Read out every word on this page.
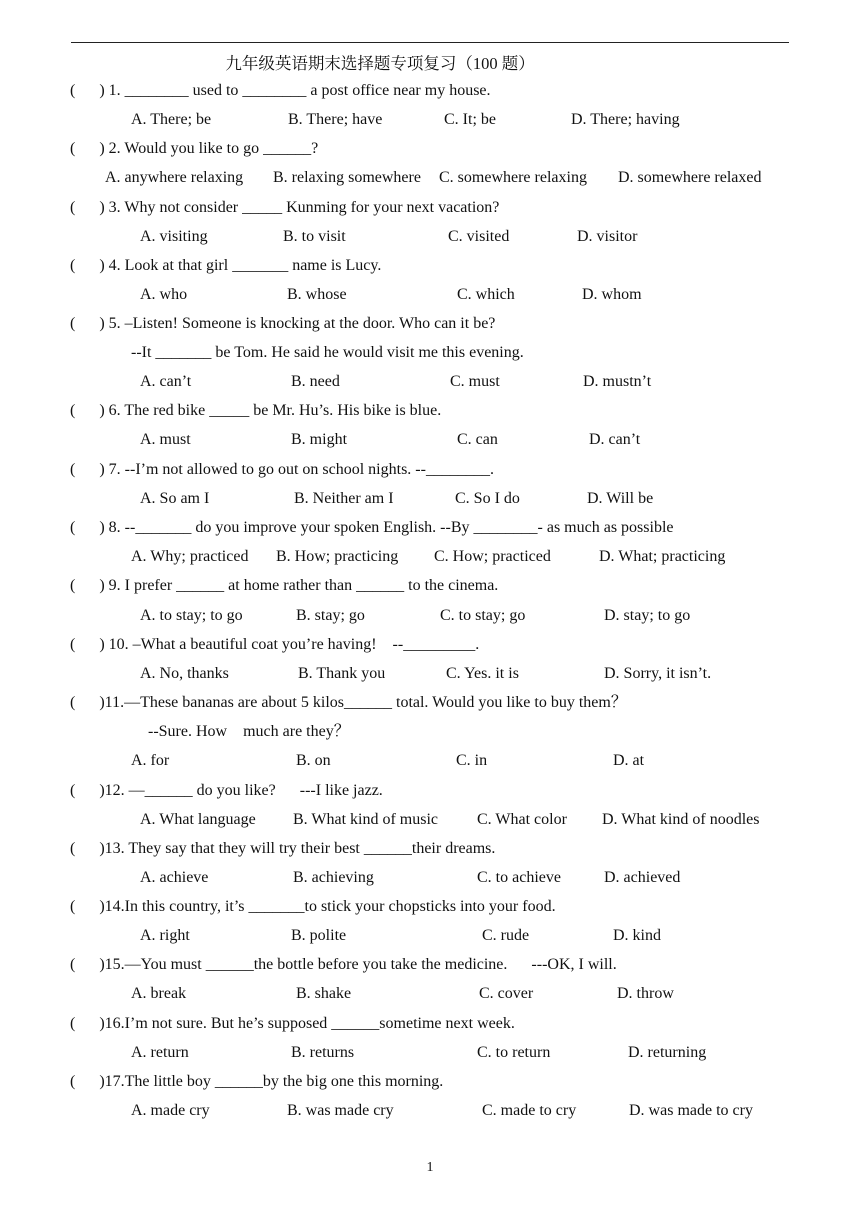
九年级英语期末选择题专项复习（100 题）
(      ) 1. ________ used to ________ a post office near my house.
A. There; be	B. There; have	C. It; be	D. There; having
(      ) 2. Would you like to go ______?
A. anywhere relaxing B. relaxing somewhere C. somewhere relaxing D. somewhere relaxed
(      ) 3. Why not consider _____ Kunming for your next vacation?
A. visiting	B. to visit	C. visited	D. visitor
(      ) 4. Look at that girl _______ name is Lucy.
A. who	B. whose	C. which	D. whom
(      ) 5. –Listen! Someone is knocking at the door. Who can it be?
--It _______ be Tom. He said he would visit me this evening.
A. can’t	B. need	C. must	D. mustn’t
(      ) 6. The red bike _____ be Mr. Hu’s. His bike is blue.
A. must	B. might	C. can	D. can’t
(      ) 7. --I’m not allowed to go out on school nights. --________.
A. So am I	B. Neither am I	C. So I do	D. Will be
(      ) 8. --_______ do you improve your spoken English. --By ________- as much as possible
A. Why; practiced B. How; practicing C. How; practiced	D. What; practicing
(      ) 9. I prefer ______ at home rather than ______ to the cinema.
A. to stay; to go	B. stay; go	C. to stay; go	D. stay; to go
(      ) 10. –What a beautiful coat you’re having!    --_________.
A. No, thanks	B. Thank you	C. Yes. it is	D. Sorry, it isn’t.
(      )11.—These bananas are about 5 kilos______ total. Would you like to buy them？
--Sure. How    much are they？
A. for	B. on	C. in	D. at
(      )12. —______ do you like?      ---I like jazz.
A. What language B. What kind of music C. What color D. What kind of noodles
(      )13. They say that they will try their best ______their dreams.
A. achieve	B. achieving	C. to achieve	D. achieved
(      )14.In this country, it’s _______to stick your chopsticks into your food.
A. right	B. polite	C. rude	D. kind
(      )15.—You must ______the bottle before you take the medicine.      ---OK, I will.
A. break	B. shake	C. cover	D. throw
(      )16.I’m not sure. But he’s supposed ______sometime next week.
A. return	B. returns	C. to return	D. returning
(      )17.The little boy ______by the big one this morning.
A. made cry	B. was made cry	C. made to cry	D. was made to cry
1
